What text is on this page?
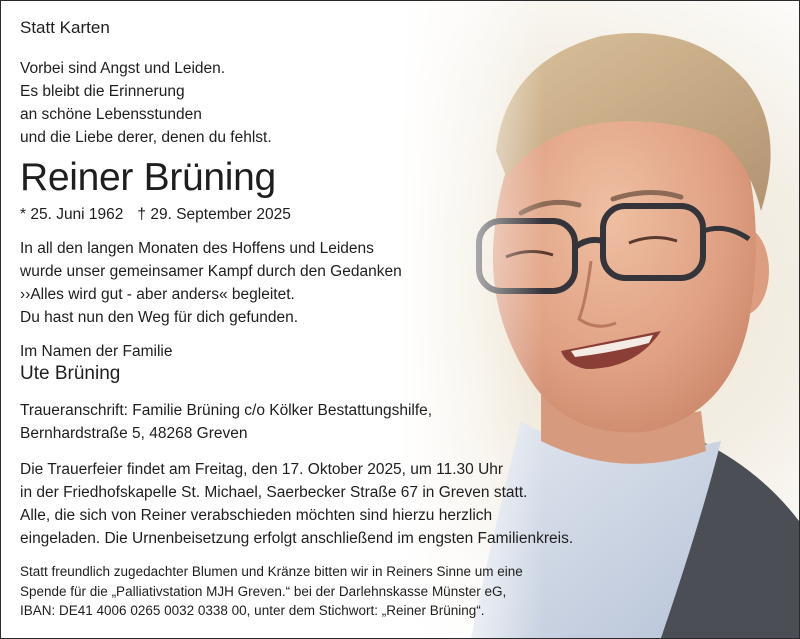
Statt Karten
Vorbei sind Angst und Leiden.
Es bleibt die Erinnerung
an schöne Lebensstunden
und die Liebe derer, denen du fehlst.
Reiner Brüning
* 25. Juni 1962 † 29. September 2025
In all den langen Monaten des Hoffens und Leidens
wurde unser gemeinsamer Kampf durch den Gedanken
››Alles wird gut - aber anders« begleitet.
Du hast nun den Weg für dich gefunden.
Im Namen der Familie
Ute Brüning
Traueranschrift: Familie Brüning c/o Kölker Bestattungshilfe,
Bernhardstraße 5, 48268 Greven
Die Trauerfeier findet am Freitag, den 17. Oktober 2025, um 11.30 Uhr
in der Friedhofskapelle St. Michael, Saerbecker Straße 67 in Greven statt.
Alle, die sich von Reiner verabschieden möchten sind hierzu herzlich
eingeladen. Die Urnenbeisetzung erfolgt anschließend im engsten Familienkreis.
Statt freundlich zugedachter Blumen und Kränze bitten wir in Reiners Sinne um eine
Spende für die „Palliativstation MJH Greven.“ bei der Darlehnskasse Münster eG,
IBAN: DE41 4006 0265 0032 0338 00, unter dem Stichwort: „Reiner Brüning“.
